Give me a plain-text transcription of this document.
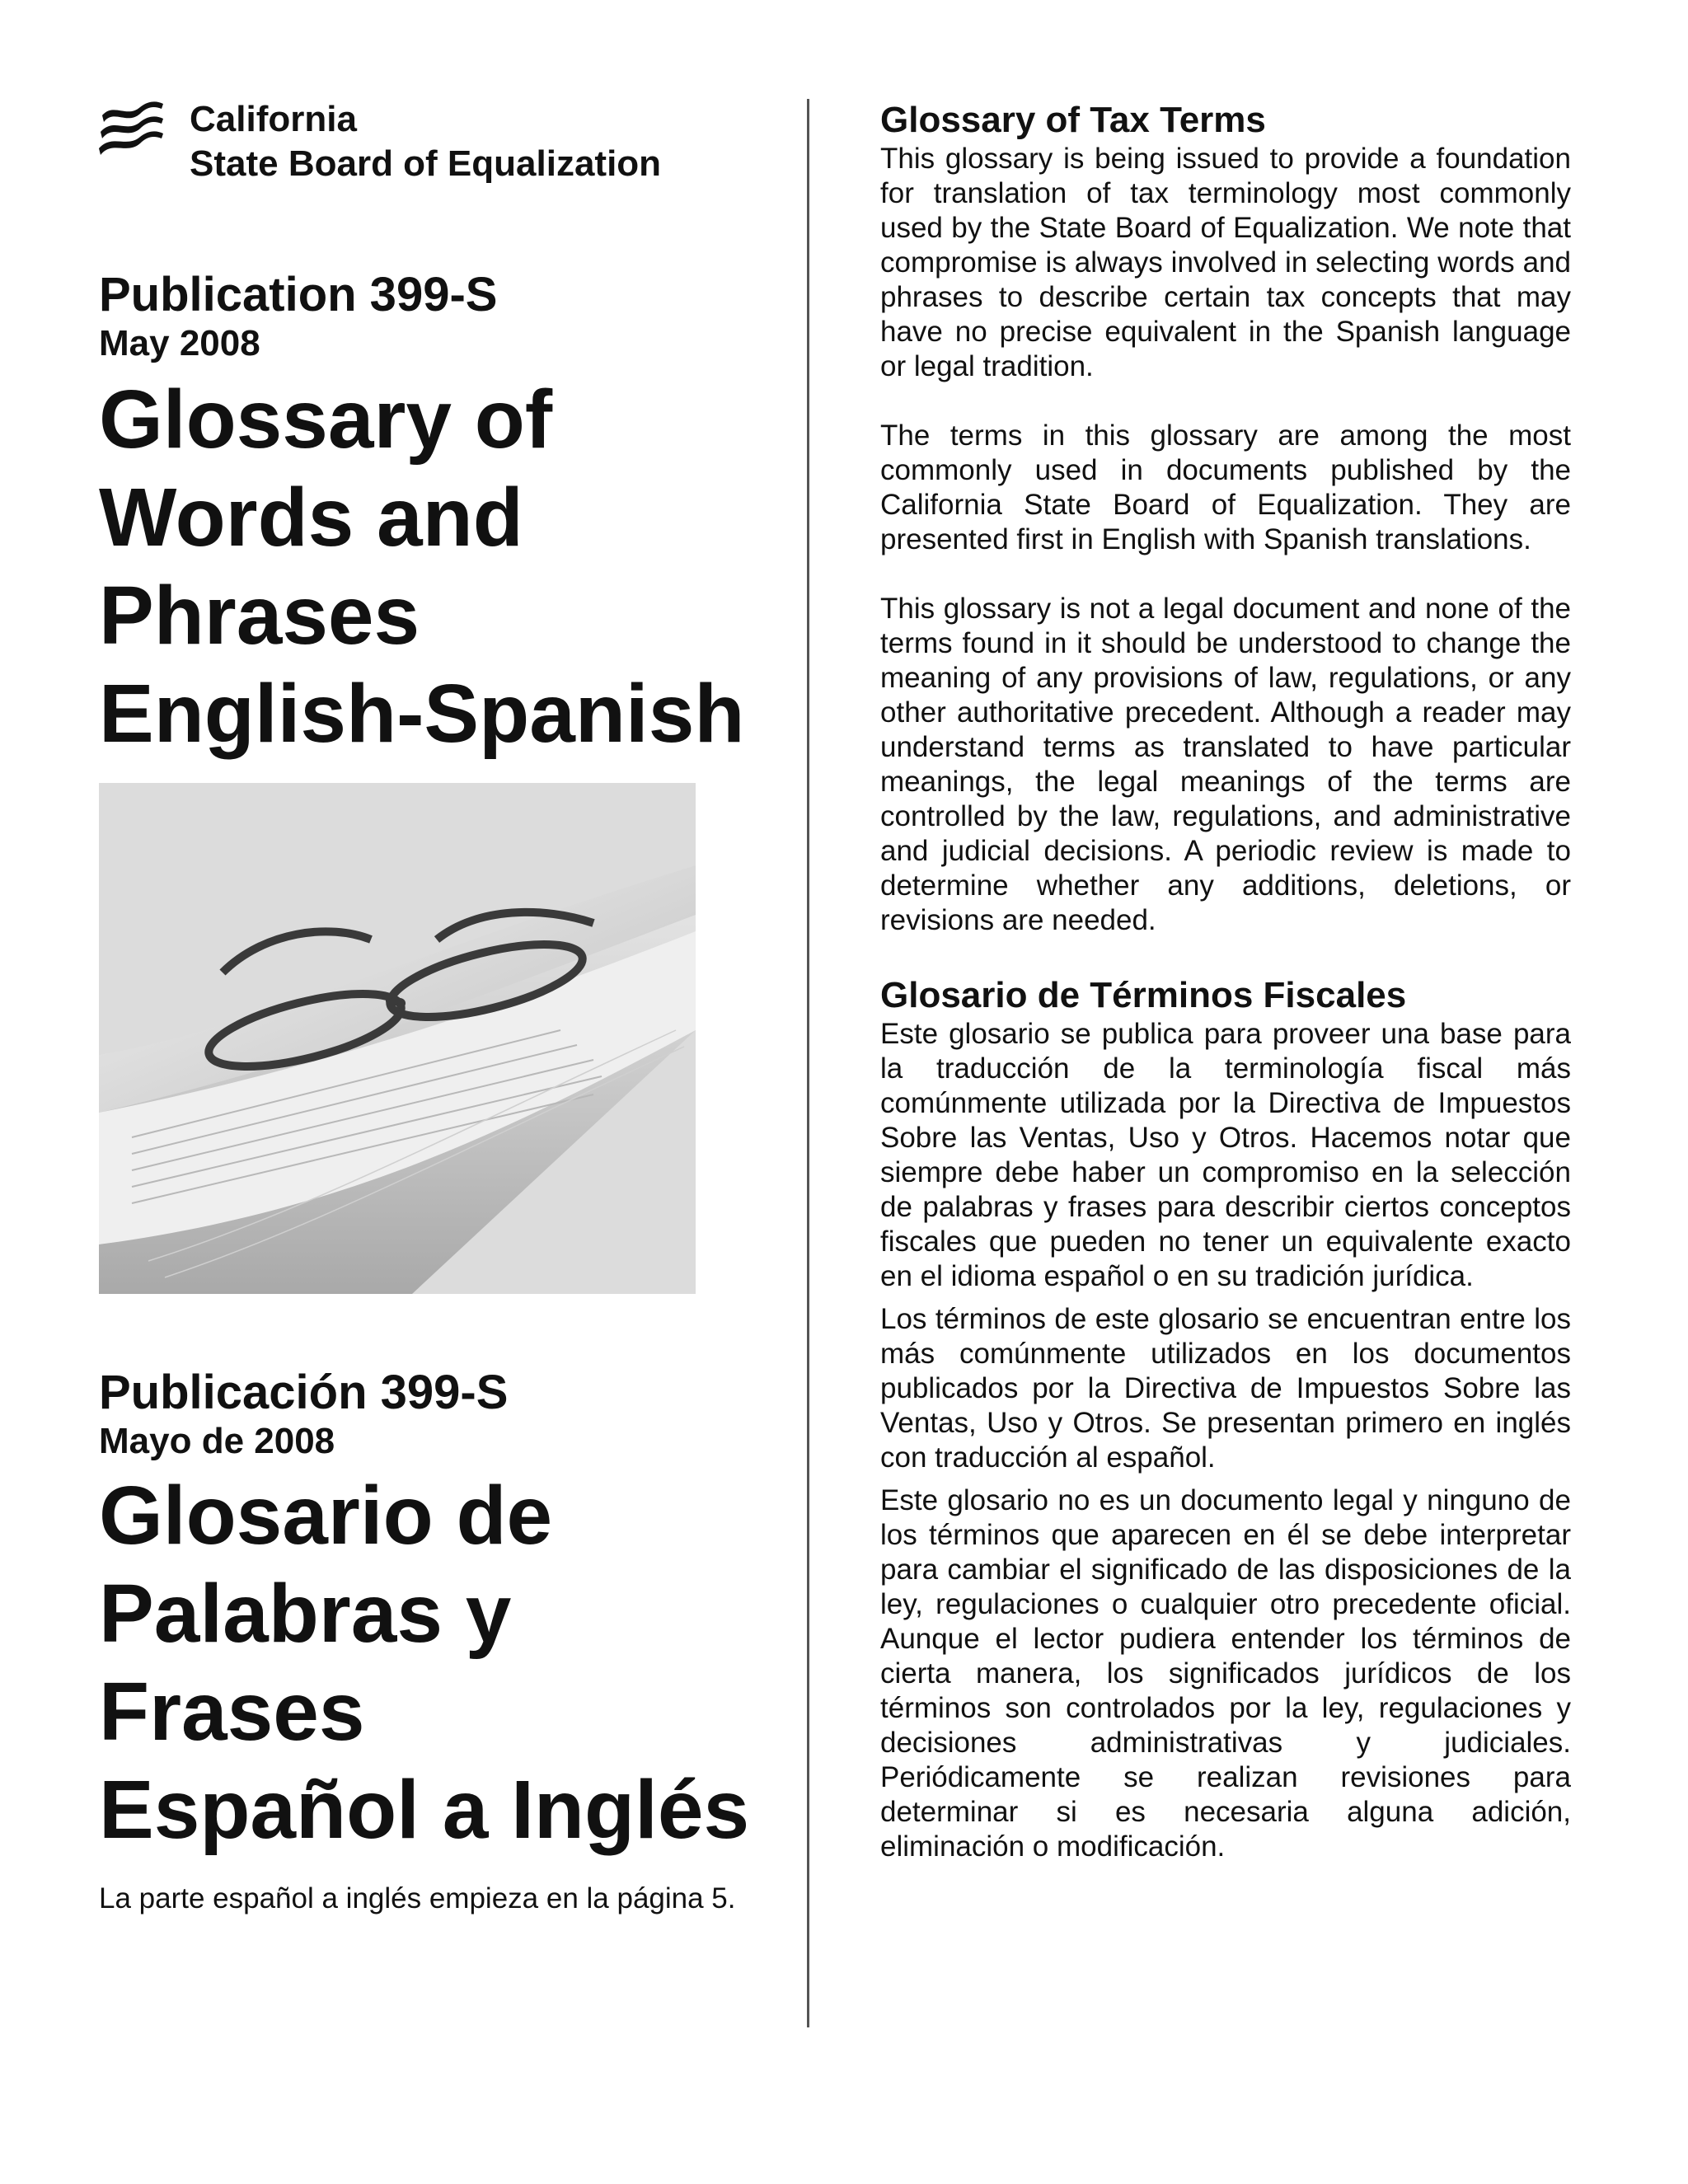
California
State Board of Equalization
Publication 399-S
May 2008
Glossary of
Words and
Phrases
English-Spanish
Publicación 399-S
Mayo de 2008
Glosario de
Palabras y
Frases
Español a Inglés
La parte español a inglés empieza en la página 5.
Glossary of Tax Terms

This glossary is being issued to provide a foundation for translation of tax terminology most commonly used by the State Board of Equalization. We note that compromise is always involved in selecting words and phrases to describe certain tax concepts that may have no precise equivalent in the Spanish language or legal tradition.

The terms in this glossary are among the most commonly used in documents published by the California State Board of Equalization. They are presented first in English with Spanish translations.

This glossary is not a legal document and none of the terms found in it should be understood to change the meaning of any provisions of law, regulations, or any other authoritative precedent. Although a reader may understand terms as translated to have particular meanings, the legal meanings of the terms are controlled by the law, regulations, and administrative and judicial decisions. A periodic review is made to determine whether any additions, deletions, or revisions are needed.

Glosario de Términos Fiscales

Este glosario se publica para proveer una base para la traducción de la terminología fiscal más comúnmente utilizada por la Directiva de Impuestos Sobre las Ventas, Uso y Otros. Hacemos notar que siempre debe haber un compromiso en la selección de palabras y frases para describir ciertos conceptos fiscales que pueden no tener un equivalente exacto en el idioma español o en su tradición jurídica.

Los términos de este glosario se encuentran entre los más comúnmente utilizados en los documentos publicados por la Directiva de Impuestos Sobre las Ventas, Uso y Otros. Se presentan primero en inglés con traducción al español.

Este glosario no es un documento legal y ninguno de los términos que aparecen en él se debe interpretar para cambiar el significado de las disposiciones de la ley, regulaciones o cualquier otro precedente oficial. Aunque el lector pudiera entender los términos de cierta manera, los significados jurídicos de los términos son controlados por la ley, regulaciones y decisiones administrativas y judiciales. Periódicamente se realizan revisiones para determinar si es necesaria alguna adición, eliminación o modificación.
